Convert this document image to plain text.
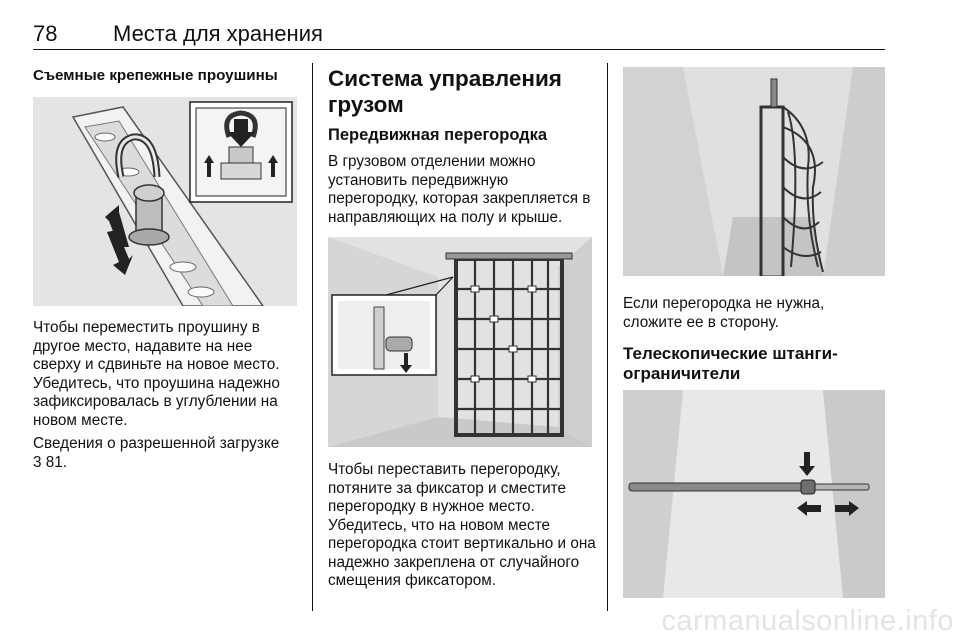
78	Места для хранения
Съемные крепежные проушины

Чтобы переместить проушину в другое место, надавите на нее сверху и сдвиньте на новое место. Убедитесь, что проушина надежно зафиксировалась в углублении на новом месте.

Сведения о разрешенной загрузке
3 81.

Система управления грузом
Передвижная перегородка

В грузовом отделении можно установить передвижную перегородку, которая закрепляется в направляющих на полу и крыше.

Чтобы переставить перегородку, потяните за фиксатор и сместите перегородку в нужное место. Убедитесь, что на новом месте перегородка стоит вертикально и она надежно закреплена от случайного смещения фиксатором.

Если перегородка не нужна, сложите ее в сторону.

Телескопические штанги-ограничители
carmanualsonline.info
